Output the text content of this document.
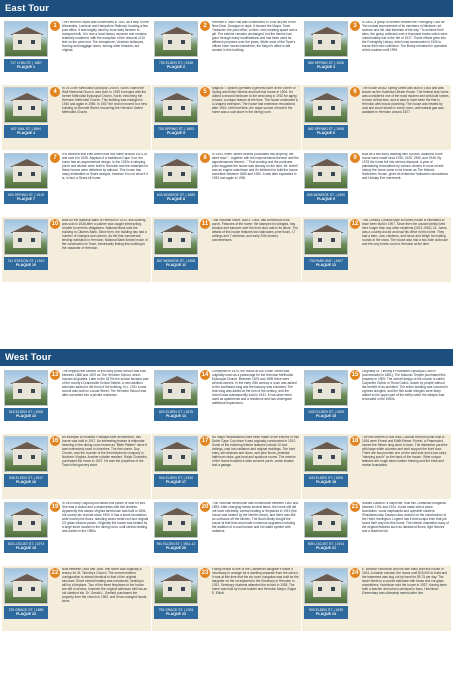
East Tour
717 LYNN ST. | 1887
PLAQUE 1
1
The Herndon Depot was constructed in 1857 as a stop on the Alexandria, Loudoun and Hampshire Railroad, housing a few post office. It was largely used by local dairy farmers to transport milk. It is now a local history museum and remains relatively unaltered, with the exception of the removal of 20 feet on the west end. The semaphore, Victorian bullseyes, flooring and baggage doors, among other features, are original.
730 ELDEN ST. | 1938
PLAQUE 2
2
Herndon's Town Hall was constructed in 1938 as part of the New Deal. Georgian in style, it housed the Mayor, Town Treasurer, the post office, a clinic, civic meeting space and a jail. The exterior remains unchanged, but the interior has gone through many modifications and has been used for different purposes over the years. While most of the Town's offices have moved elsewhere, the Mayor's office is still located in this building.
660 SPRING ST. | 1926
PLAQUE 3
3
In 1893, a group of women created the Fortnightly Club for "the mutual improvement of its members in literature, art, science and the vital interests of the day." To achieve their aims, the group collected over a thousand books which were unfortunately lost in the fire of 1917. These efforts grew into the Fortnightly Library, which was constructed in 1926 to house their new collection. The library remained in operation at this location until 1995.
637 OAK ST. | 1894
PLAQUE 4
4
In 1914 the Methodist Episcopal Church, South, called the Wolf Memorial Church, was built. In 1939 it merged with the former Methodist Episcopal Church, North, becoming the Herndon Methodist Church. This building was enlarged in 1940 and again in 1955. In 1957 the church moved to a new building on Bennett Street, becoming the Herndon United Methodist Church.
700 SPRING ST. | 1893
PLAQUE 5
5
Magnus T. Wilkins operated a general store at the corner of Spring and Elden Streets and built this house in 1904. He added a second bedroom to the west wing in 1910 for aging in-laws, a unique feature at the time. The house underwent a U-shaped extension. The house had extensive renovations after 1940. Until that time, the major source of heat in the home was a coal stove in the dining room.
662 SPRING ST. | 1908
PLAQUE 6
6
The house at 662 Spring Street was built in 1908 and was known as the Hutchison-Beale House. The federal side home was considered one of the most modern and well-built homes in town at that time, and is said to have been the first in Herndon with indoor plumbing. The house was heated by coal and wood stoves in every room, until natural gas was available in Herndon around 1927.
653 SPRING ST. | 1919
PLAQUE 7
7
It is believed that Effie Averill built this home around 1923-24 and sold it in 1926. Atypical of a traditional Cape Cod, the home has an asymmetrical design. In the 1920s a sleeping porch and kitchen were built in Herndon and the materials for these homes were delivered by railroad. This house has many similarities to Sears designs, however it is not clear if it is, in fact, a Sears kit home.
633 MONROE ST. | 1889
PLAQUE 8
8
In 1903, when James Wilkins purchased this property, the deed read "...together with the improvements thereon and the appurtenances thereof..." That wording and the purchase price suggests the house was already on the land. Mr. Averill was an engine watchman and it's believed he built the house sometime between 1889 and 1900. It was later expanded in 1933 and again in 1950.
655 MONROE ST. | 1900
PLAQUE 9
9
Built as a two-story dwelling with a porch, additions to the house were made circa 1915, 1925, 1950, and 1946. By 1978 the home fell into serious disrepair. A year of painstaking renovations by various owners in more recent history the home came to be known as The Historic Halloween House, given its extensive Halloween decorations and Holiday Eve merriment.
741 STATION ST. | 1910
PLAQUE 10
10
Built for the National Bank of Herndon in 1910, this building was sold in 1928 after a cashier was caught embezzling. Unable to meet its obligations, National Bank sold the building to Citizens Bank. Since then, the building has had a number of changes and owners. As the first commercial lending institution in Herndon, National Bank funded much of the construction in Town, inextricably linking this building to the character of Herndon.
807 MONROE ST. | 1908
PLAQUE 11
11
This Victorian home, built c. 1908, has continuous front porch. Features of the home: the stamped tin shingles, bay window and transom over the front door add to its allure. The details of this house features two staircases, pine floors, 17 ceilings and 7 windows, and early 20th century conveniences.
730 PARK AVE. | 1907
PLAQUE 12
12
This Century Colonial style bi-roofed house is estimated to have been built in 1907. Since then the unused family lived here longer than any other residents (1921-1962). Dr. Jones was a country doctor and had his office in this home. They had a barn, cow, chickens, and horse and sleigh for making rounds in the snow. The house also had a two-hole outhouse and the only tennis court in Herndon at the time.
West Tour
815 ELDEN ST. | 1906
PLAQUE 13
13
The original rear section of this early public school was built between 1868 and 1870 as The Herndon School, which housed all grades. Later in the 1870s the school became part of the county's Dranesville School District. A new addition was later added to the front of the building. In c. 1911 a new school was built on Locust Street. The Herndon School was later converted into a private residence.
820 ELDEN ST. | 1875
PLAQUE 14
14
Completed in 1875, the house at 820 Elden Street was originally used as a parsonage for the Herndon Methodist Episcopal Church. Between 1876 and 1895 there were several owners. In the early 20th century a room was added to the southeast wing and the balcony was enclosed. The rear wing was added at the turn of the century, and the church was subsequently sold in 1941. It has since been used as apartments and a residence and has undergone additional expansions.
1020 ELDEN ST. | 1909
PLAQUE 15
15
Originally St. Timothy's Protestant Episcopal Church (consecrated in 1881), The Masonic Temple purchased this property in 1909. The overall design of the church is called Carpenter Gothic or Rural Gothic, drawn by people without the benefit of an architect. The entire building was covered in cypress shingles, and the fish-scale shingles were likely added to the upper part of the belfry when the steeple was renovated in the 1950s.
936 ELDEN ST. | 1917
PLAQUE 16
16
An example of modified Folkways fiber architecture, this house was built in 1917. An interesting feature is elaborate trimming in the dining room known as "Bible Pattern" since it was extensively used in churches. The first owner, Guy Church, was the founder of the first telephone company in Northern Virginia. Another notable resident, Ralph Chamblin, purchased the home in 1927. He was the proprietor of the Town's first grocery store.
904 ELDEN ST. | 1920
PLAQUE 17
17
No major modifications have been made to the exterior of this Dutch Cape Cod since it was originally constructed in 1912. Some of the enduring interior features include 10-foot ceilings, cast iron radiators and original moldings. The front entry, tall windows and doors, and pine floors, pedestal bathroom sinks, gas heat and spacious rooms. The exterior of the house boasted a wide covered porch, cedar shakes and a garage.
840 ELDEN ST. | 1905
PLAQUE 18
18
The first owners of this brick Colonial Revival home built in 1916 were Ernest and Edith Reiser. Ernest, a Pharmacist, owned the Reiser drug store in town. The distinctive porches with large white columns and arch support the front door. There are two porches one on the east side and a two-story "sleeping porch" on the back of the house. Other unique features are rough sawn lumber framing and the brick and mortar foundation.
503 LOCUST ST. | 1974
PLAQUE 19
19
In 1893 Mary Osgood purchased this parcel of land for $95. She was a widow and a seamstress with five children. Apparently this classic Virginia farmhouse was built in 1894, but county tax records show 1900. It has a stone foundation, wide board pine floors, standing seam metal roof and original 2/2 glass window panes. Originally the house was heated by a large stove located in the dining room, until central heating was added in the 1980s.
951 ELDEN ST. | 1911-12
PLAQUE 20
20
This Victorian farmhouse was constructed between 1892 and 1893. After changing hands several times, the home still did not have electricity, central heating or fireplaces in 1919 (the house was heated by the kitchen stove), and there was still an outhouse off the kitchen. The Bush family bought the house at that time and made numerous upgrades including the addition of a coal furnace and hot water system with radiators.
905 LOCUST ST. | 1914
PLAQUE 21
21
William Dawson, a carpenter, built this Craftsman bungalow between 1911 and 1914. It was made with a stone foundation, wood clapboards and operable shutters. Simultaneously, Dawson also worked on the construction of the Hotel Harrington. Legend has it that scraps from that job found their way into this home. The interior maintains many of the original features such as hardwood floors, light fixtures and a clawfoot tub.
720 GRACE ST. | 1889
PLAQUE 22
22
Built between 1884 and 1890, this home was originally a rectory for St. Timothy's Church. The current exterior configuration is almost identical to that of the original structure. Since central heating was introduced, heating is still by a fireplace. Two of the three fireplaces in the house are still in service, however the original bathroom still has an old clawfoot tub. Dr. Gerald L. Garfield purchased the property from the church in 1952, and it has changed hands since.
750 GRACE ST. | 1931
PLAQUE 23
23
Falling heads of one of the Castleman daughter's made it necessary to arrange for a dwelling separate from the school. It was at this time that the six room bungalow was built for the daughter on the lot adjacent to the Seminary in Herndon in 1931. Seminary students attended the school in 1928. The home was built by home builder and Herndon Mayor, Edgar E. Elliott.
900 ELDEN ST. | 1939
PLAQUE 24
24
E. Barbour Hutchison and his wife Mary built this house in 1924. A classic colonial, the house cost $15,000 to build and the basement was dug out by hand for $0.75 per day. The tower feeds to a curved staircase with brass and cut glass chandeliers. Hutchison sold the house in 1937. Having been both a teacher and school principal in town, Hutchison Elementary was ultimately named after him.
